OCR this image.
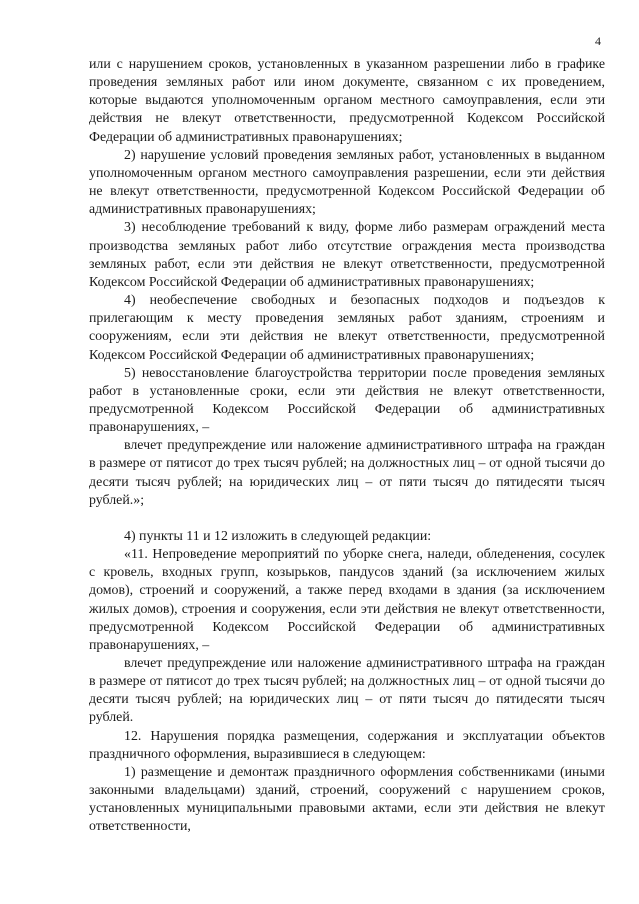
4

или с нарушением сроков, установленных в указанном разрешении либо в графике проведения земляных работ или ином документе, связанном с их проведением, которые выдаются уполномоченным органом местного самоуправления, если эти действия не влекут ответственности, предусмотренной Кодексом Российской Федерации об административных правонарушениях;

2) нарушение условий проведения земляных работ, установленных в выданном уполномоченным органом местного самоуправления разрешении, если эти действия не влекут ответственности, предусмотренной Кодексом Российской Федерации об административных правонарушениях;

3) несоблюдение требований к виду, форме либо размерам ограждений места производства земляных работ либо отсутствие ограждения места производства земляных работ, если эти действия не влекут ответственности, предусмотренной Кодексом Российской Федерации об административных правонарушениях;

4) необеспечение свободных и безопасных подходов и подъездов к прилегающим к месту проведения земляных работ зданиям, строениям и сооружениям, если эти действия не влекут ответственности, предусмотренной Кодексом Российской Федерации об административных правонарушениях;

5) невосстановление благоустройства территории после проведения земляных работ в установленные сроки, если эти действия не влекут ответственности, предусмотренной Кодексом Российской Федерации об административных правонарушениях, –

влечет предупреждение или наложение административного штрафа на граждан в размере от пятисот до трех тысяч рублей; на должностных лиц – от одной тысячи до десяти тысяч рублей; на юридических лиц – от пяти тысяч до пятидесяти тысяч рублей.»;

4) пункты 11 и 12 изложить в следующей редакции:

«11. Непроведение мероприятий по уборке снега, наледи, обледенения, сосулек с кровель, входных групп, козырьков, пандусов зданий (за исключением жилых домов), строений и сооружений, а также перед входами в здания (за исключением жилых домов), строения и сооружения, если эти действия не влекут ответственности, предусмотренной Кодексом Российской Федерации об административных правонарушениях, –

влечет предупреждение или наложение административного штрафа на граждан в размере от пятисот до трех тысяч рублей; на должностных лиц – от одной тысячи до десяти тысяч рублей; на юридических лиц – от пяти тысяч до пятидесяти тысяч рублей.

12. Нарушения порядка размещения, содержания и эксплуатации объектов праздничного оформления, выразившиеся в следующем:

1) размещение и демонтаж праздничного оформления собственниками (иными законными владельцами) зданий, строений, сооружений с нарушением сроков, установленных муниципальными правовыми актами, если эти действия не влекут ответственности,
